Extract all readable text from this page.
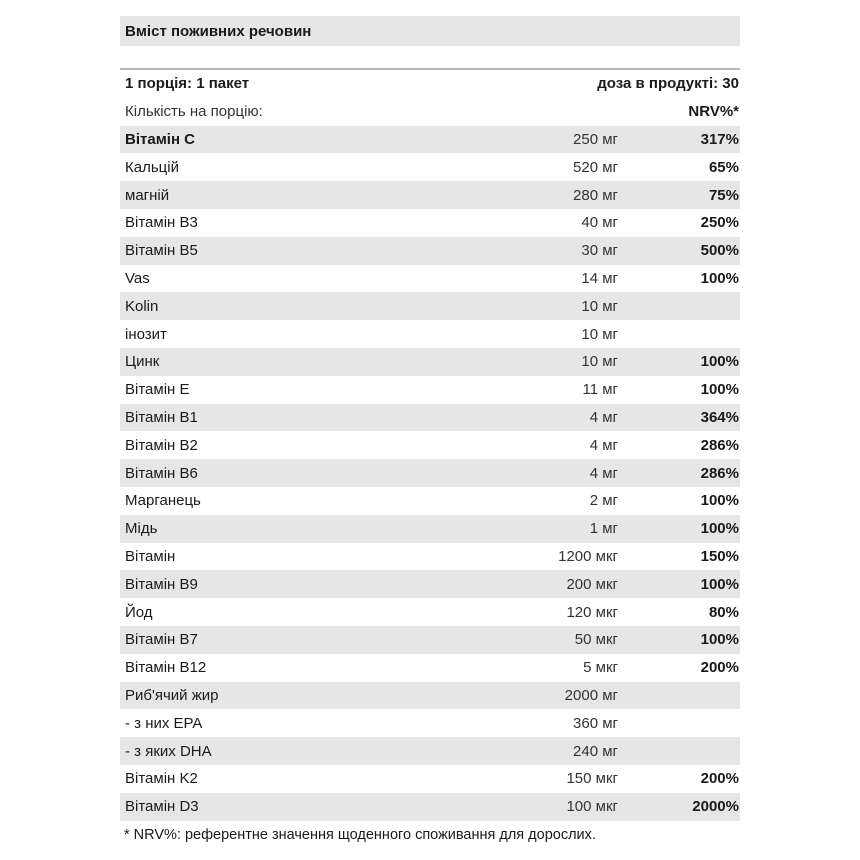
Вміст поживних речовин
1 порція: 1 пакет	доза в продукті: 30
Кількість на порцію:	NRV%*
Вітамін C	250 мг	317%
Кальцій	520 мг	65%
магній	280 мг	75%
Вітамін B3	40 мг	250%
Вітамін B5	30 мг	500%
Vas	14 мг	100%
Kolin	10 мг
інозит	10 мг
Цинк	10 мг	100%
Вітамін E	11 мг	100%
Вітамін B1	4 мг	364%
Вітамін B2	4 мг	286%
Вітамін B6	4 мг	286%
Марганець	2 мг	100%
Мідь	1 мг	100%
Вітамін	1200 мкг	150%
Вітамін B9	200 мкг	100%
Йод	120 мкг	80%
Вітамін B7	50 мкг	100%
Вітамін B12	5 мкг	200%
Риб'ячий жир	2000 мг
- з них EPA	360 мг
- з яких DHA	240 мг
Вітамін K2	150 мкг	200%
Вітамін D3	100 мкг	2000%
* NRV%: референтне значення щоденного споживання для дорослих.
